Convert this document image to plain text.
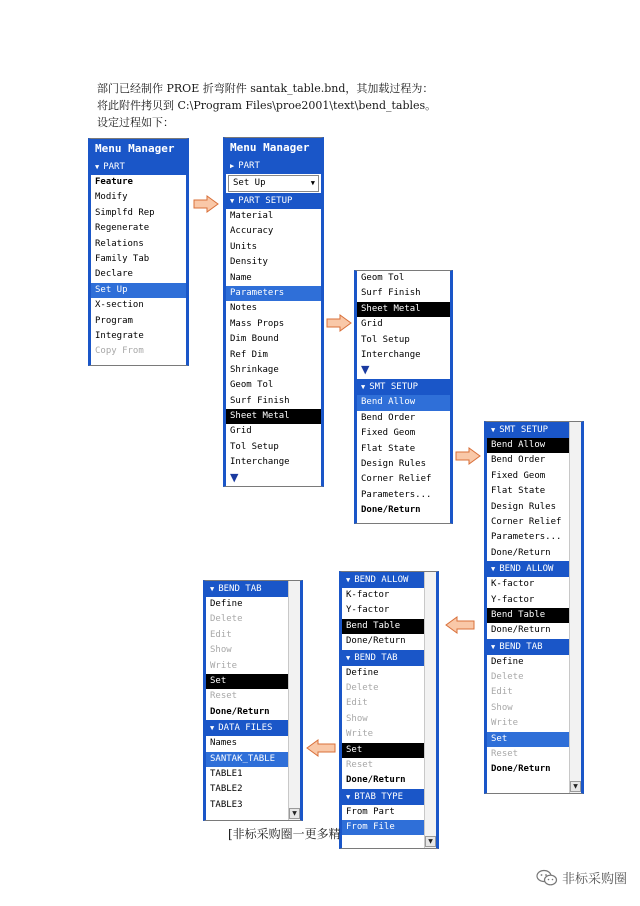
部门已经制作 PROE 折弯附件 santak_table.bnd，其加载过程为：
将此附件拷贝到 C:\Program Files\proe2001\text\bend_tables。
设定过程如下：
Menu Manager
▼ PART
Feature
Modify
Simplfd Rep
Regenerate
Relations
Family Tab
Declare
Set Up
X-section
Program
Integrate
Copy From
Menu Manager
▶ PART
Set Up	▼
▼ PART SETUP
Material
Accuracy
Units
Density
Name
Parameters
Notes
Mass Props
Dim Bound
Ref Dim
Shrinkage
Geom Tol
Surf Finish
Sheet Metal
Grid
Tol Setup
Interchange
▼
Geom Tol
Surf Finish
Sheet Metal
Grid
Tol Setup
Interchange
▼
▼ SMT SETUP
Bend Allow
Bend Order
Fixed Geom
Flat State
Design Rules
Corner Relief
Parameters...
Done/Return
▼ SMT SETUP
Bend Allow
Bend Order
Fixed Geom
Flat State
Design Rules
Corner Relief
Parameters...
Done/Return
▼ BEND ALLOW
K-factor
Y-factor
Bend Table
Done/Return
▼ BEND TAB
Define
Delete
Edit
Show
Write
Set
Reset
Done/Return
▼
▼ BEND ALLOW
K-factor
Y-factor
Bend Table
Done/Return
▼ BEND TAB
Define
Delete
Edit
Show
Write
Set
Reset
Done/Return
▼ BTAB TYPE
From Part
From File
▼
▼ BEND TAB
Define
Delete
Edit
Show
Write
Set
Reset
Done/Return
▼ DATA FILES
Names
SANTAK_TABLE
TABLE1
TABLE2
TABLE3
▼
[非标采购圈一更多精
非标采购圈
